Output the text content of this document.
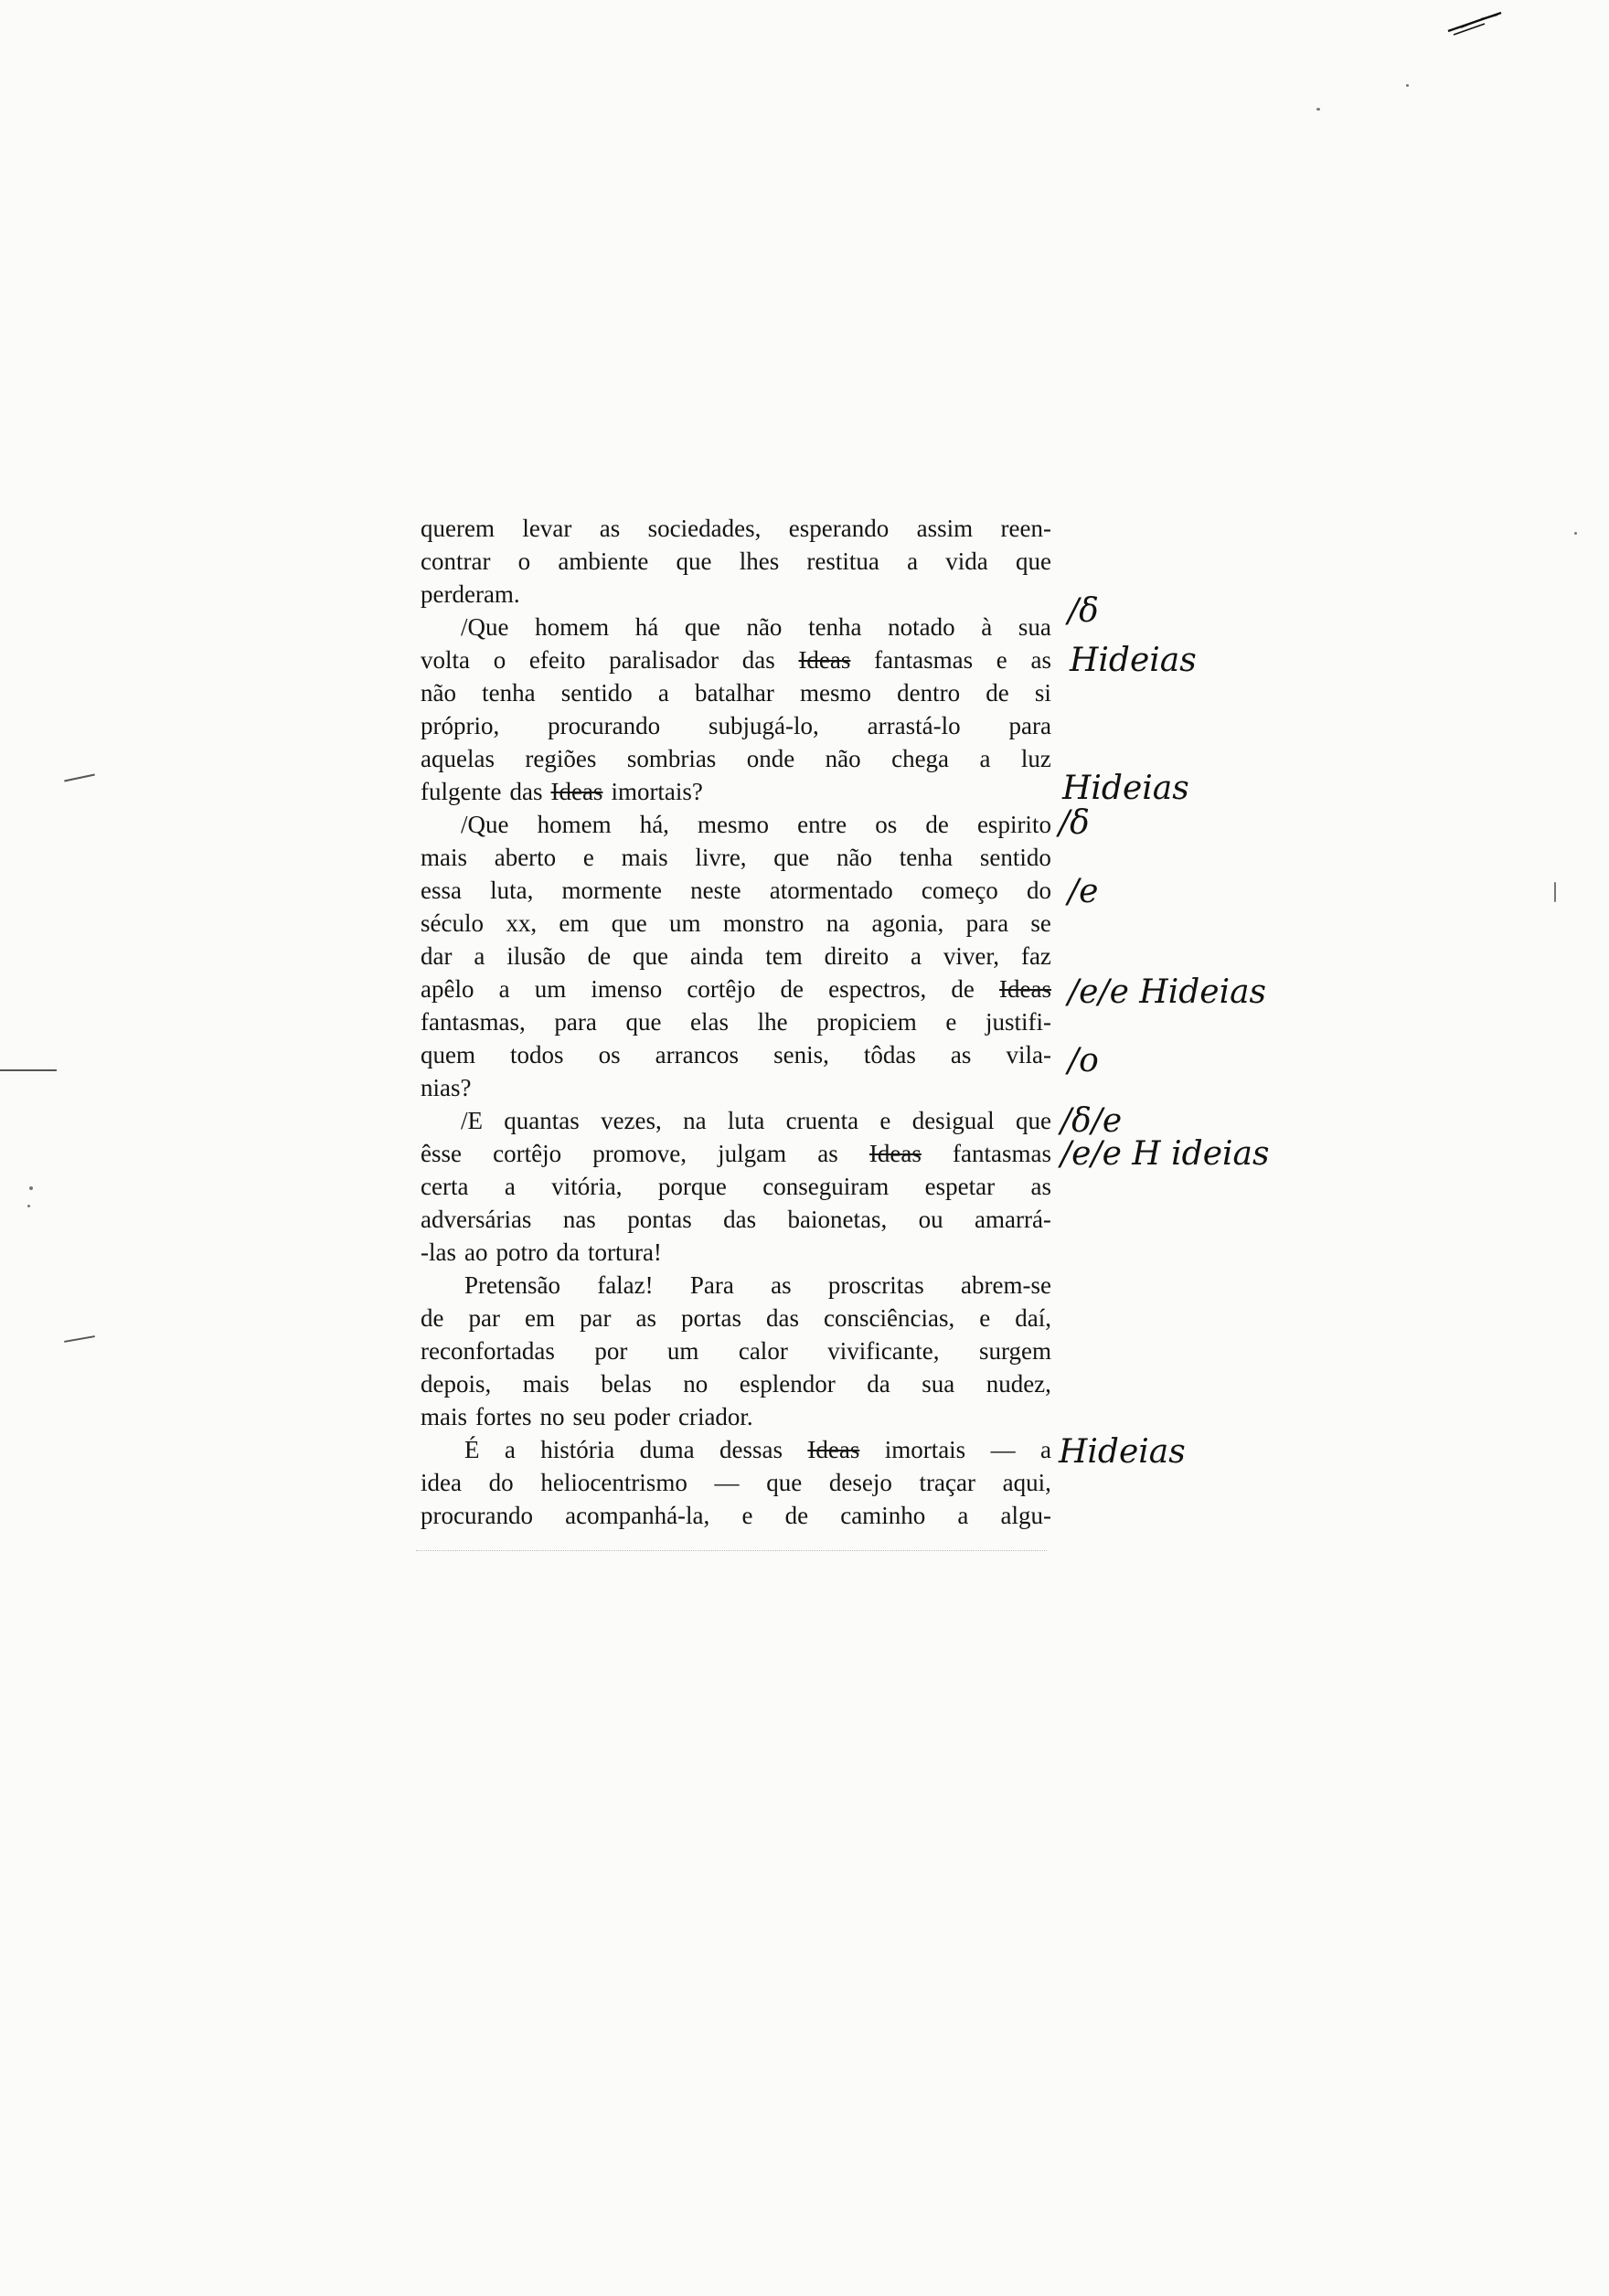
querem levar as sociedades, esperando assim reen-
contrar o ambiente que lhes restitua a vida que
perderam.
/Que homem há que não tenha notado à sua
volta o efeito paralisador das Ideas fantasmas e as
não tenha sentido a batalhar mesmo dentro de si
próprio, procurando subjugá-lo, arrastá-lo para
aquelas regiões sombrias onde não chega a luz
fulgente das Ideas imortais?
/Que homem há, mesmo entre os de espirito
mais aberto e mais livre, que não tenha sentido
essa luta, mormente neste atormentado começo do
século xx, em que um monstro na agonia, para se
dar a ilusão de que ainda tem direito a viver, faz
apêlo a um imenso cortêjo de espectros, de Ideas
fantasmas, para que elas lhe propiciem e justifi-
quem todos os arrancos senis, tôdas as vila-
nias?
/E quantas vezes, na luta cruenta e desigual que
êsse cortêjo promove, julgam as Ideas fantasmas
certa a vitória, porque conseguiram espetar as
adversárias nas pontas das baionetas, ou amarrá-
-las ao potro da tortura!
Pretensão falaz! Para as proscritas abrem-se
de par em par as portas das consciências, e daí,
reconfortadas por um calor vivificante, surgem
depois, mais belas no esplendor da sua nudez,
mais fortes no seu poder criador.
É a história duma dessas Ideas imortais — a
idea do heliocentrismo — que desejo traçar aqui,
procurando acompanhá-la, e de caminho a algu-
/δ
Hideias
Hideias
/δ
/e
/e/e Hideias
/o
/δ/e
/e/e H ideias
Hideias
